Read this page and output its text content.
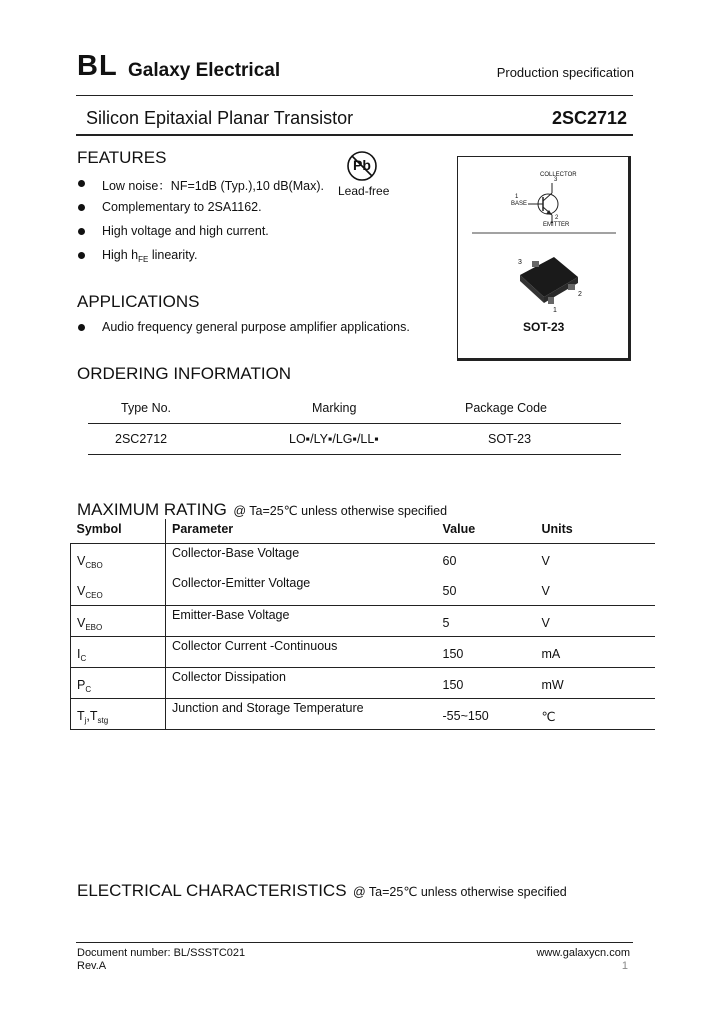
BL Galaxy Electrical	Production specification
Silicon Epitaxial Planar Transistor	2SC2712
FEATURES
Low noise：NF=1dB (Typ.),10 dB(Max).
Complementary to 2SA1162.
High voltage and high current.
High $h_{FE}$ linearity.
Pb
Lead-free
COLLECTOR
3
1
BASE
2
EMITTER
3
1
2
SOT-23
APPLICATIONS
Audio frequency general purpose amplifier applications.
ORDERING INFORMATION
Type No.	Marking	Package Code
2SC2712	LO▪/LY▪/LG▪/LL▪	SOT-23
MAXIMUM RATING @ Ta=25℃ unless otherwise specified
Symbol	Parameter	Value	Units
$V_{CBO}$	Collector-Base Voltage	60	V
$V_{CEO}$	Collector-Emitter Voltage	50	V
$V_{EBO}$	Emitter-Base Voltage	5	V
$I_C$	Collector Current -Continuous	150	mA
$P_C$	Collector Dissipation	150	mW
$T_j,T_{stg}$	Junction and Storage Temperature	-55~150	℃
ELECTRICAL CHARACTERISTICS @ Ta=25℃ unless otherwise specified
Document number: BL/SSSTC021
Rev.A
www.galaxycn.com
1
